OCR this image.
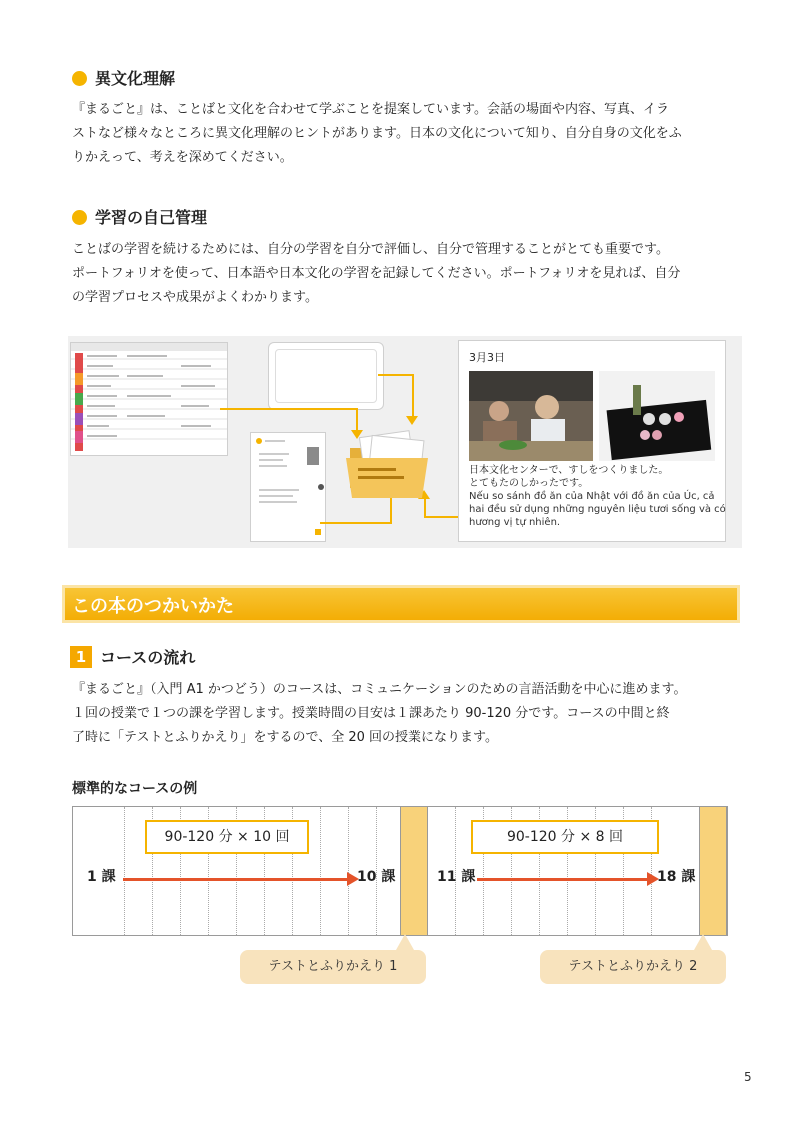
異文化理解
『まるごと』は、ことばと文化を合わせて学ぶことを提案しています。会話の場面や内容、写真、イラ
ストなど様々なところに異文化理解のヒントがあります。日本の文化について知り、自分自身の文化をふ
りかえって、考えを深めてください。
学習の自己管理
ことばの学習を続けるためには、自分の学習を自分で評価し、自分で管理することがとても重要です。
ポートフォリオを使って、日本語や日本文化の学習を記録してください。ポートフォリオを見れば、自分
の学習プロセスや成果がよくわかります。
3月3日
日本文化センターで、すしをつくりました。
とてもたのしかったです。
Nếu so sánh đồ ăn của Nhật với đồ ăn của Úc, cả
hai đều sử dụng những nguyên liệu tươi sống và có
hương vị tự nhiên.
この本のつかいかた
1 コースの流れ
『まるごと』（入門 A1 かつどう）のコースは、コミュニケーションのための言語活動を中心に進めます。
１回の授業で１つの課を学習します。授業時間の目安は１課あたり 90-120 分です。コースの中間と終
了時に「テストとふりかえり」をするので、全 20 回の授業になります。
標準的なコースの例
90-120 分 × 10 回	90-120 分 × 8 回
1 課	10 課	11 課	18 課
テストとふりかえり 1	テストとふりかえり 2
5
